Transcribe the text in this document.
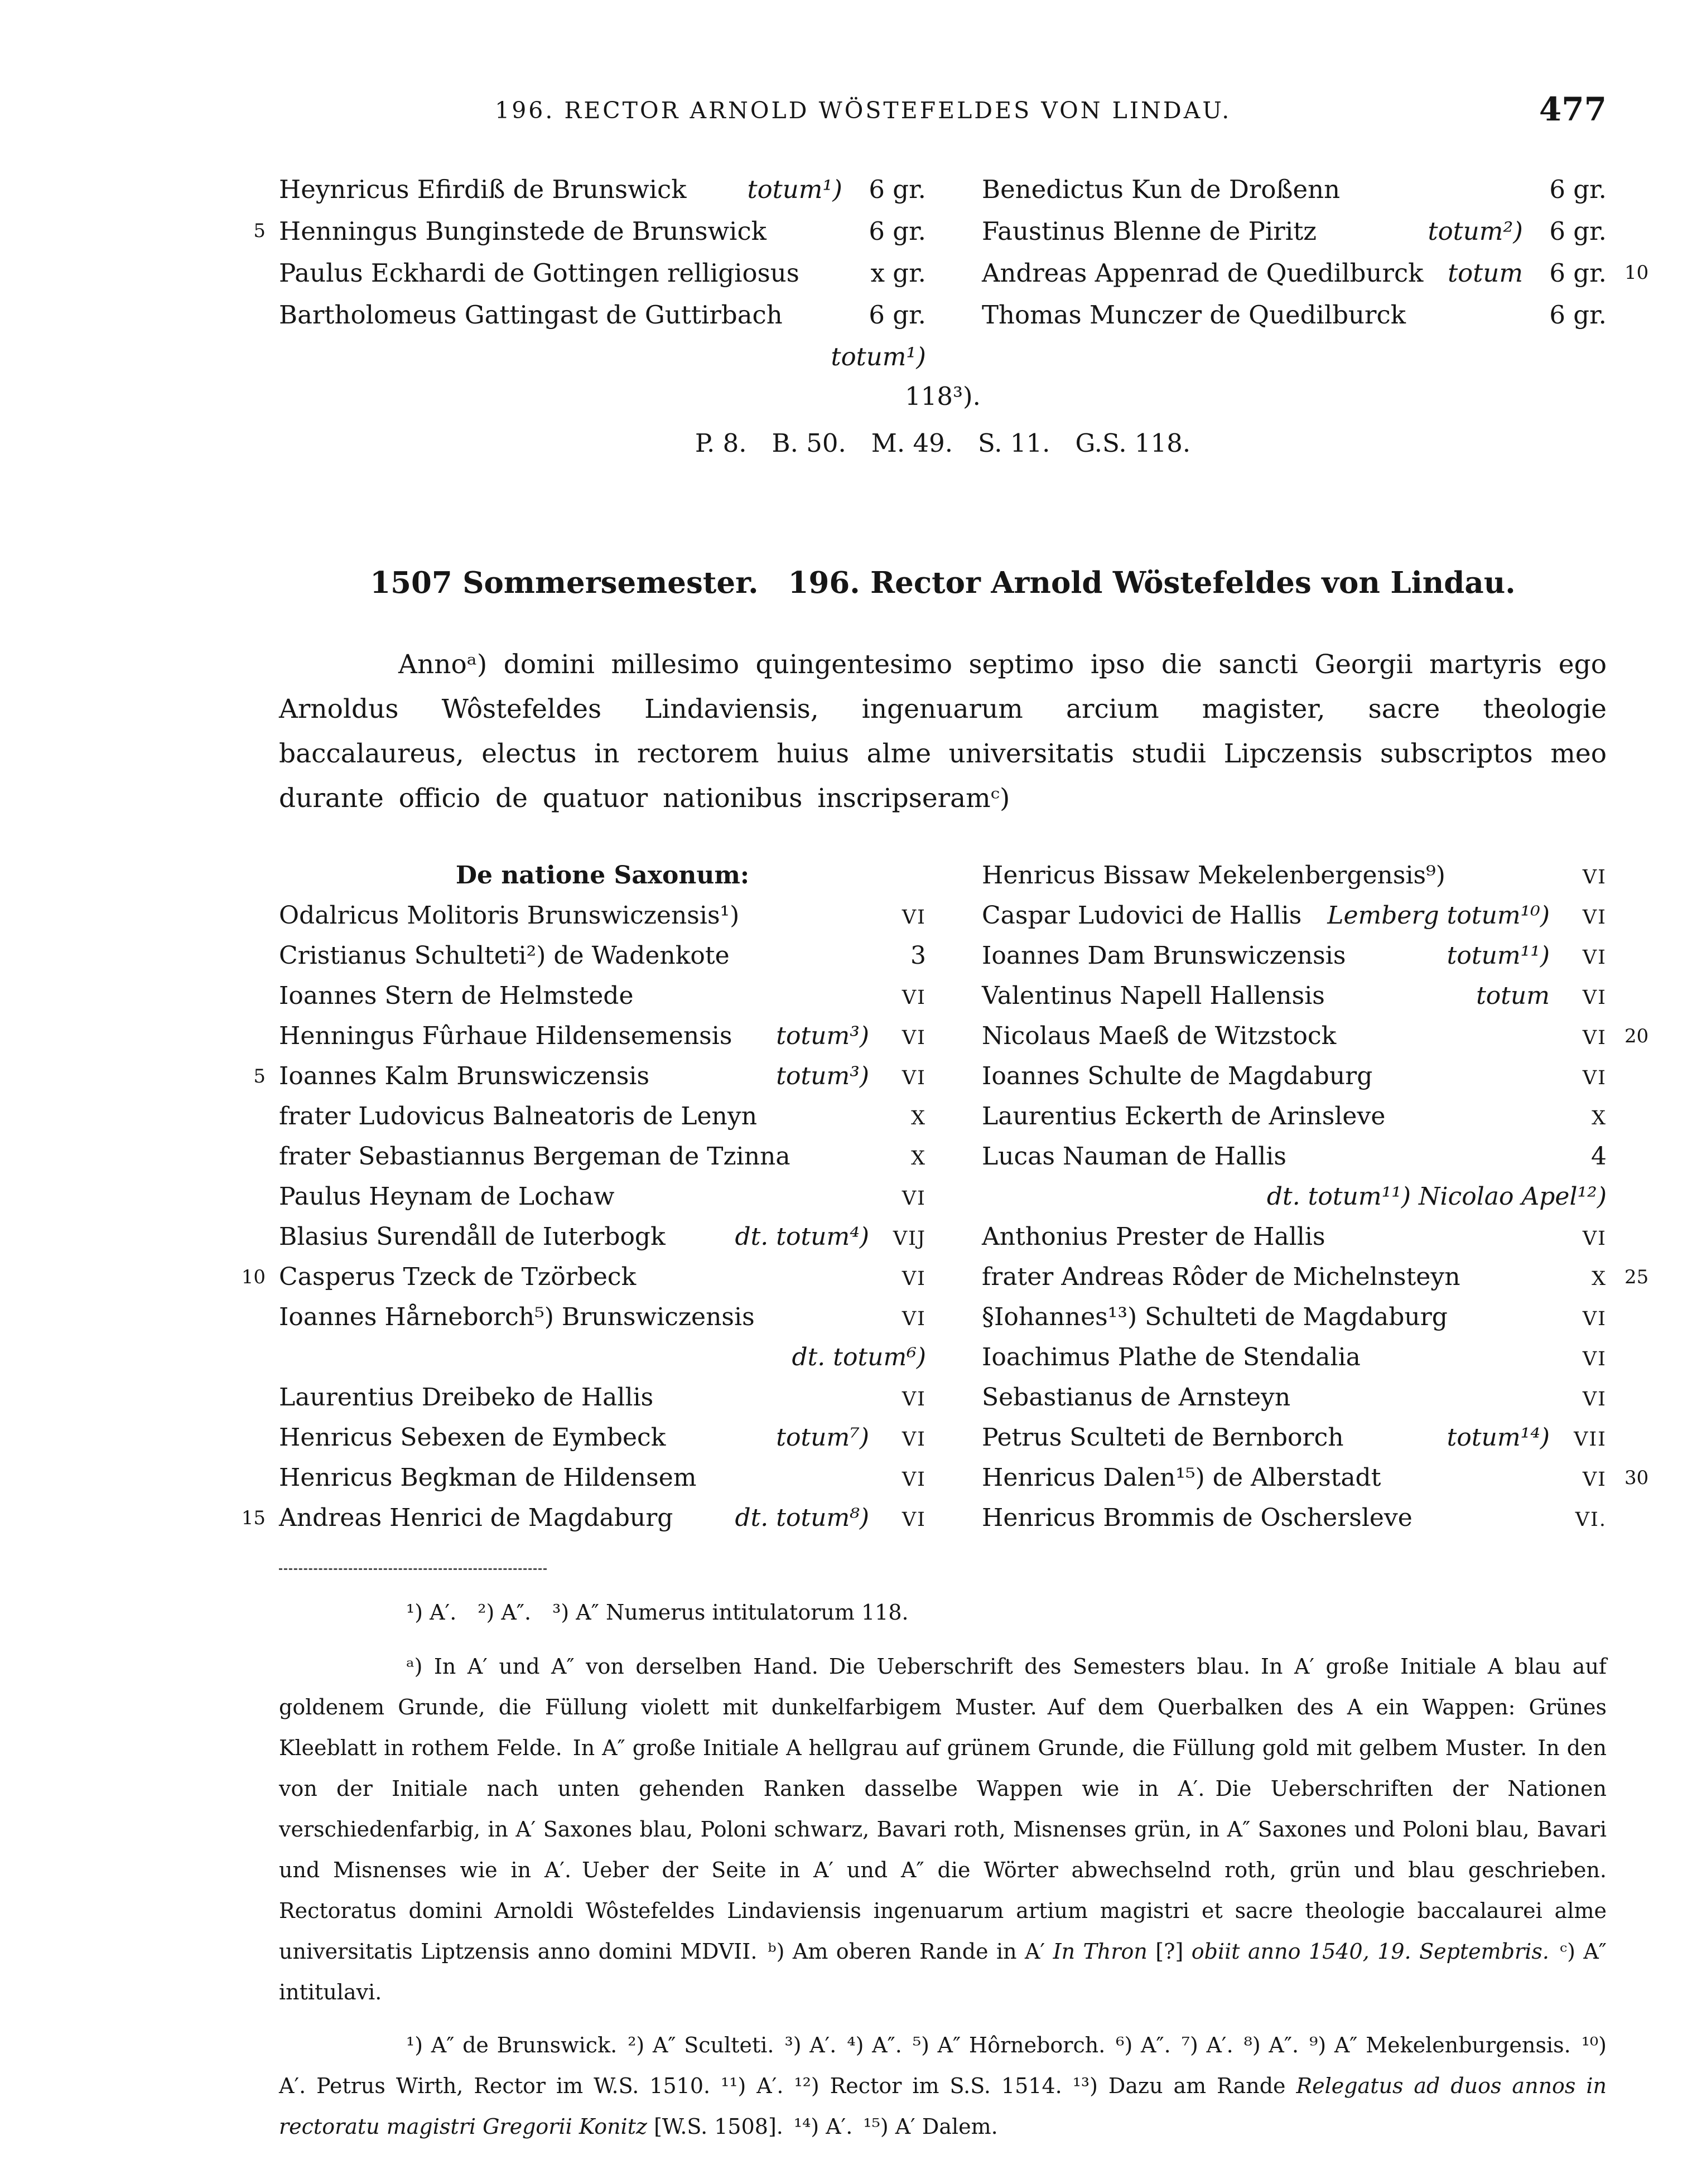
196. RECTOR ARNOLD WÖSTEFELDES VON LINDAU.	477
Heynricus Efirdiß de Brunswick totum¹)	6 gr.
5 Henningus Bunginstede de Brunswick	6 gr.
Paulus Eckhardi de Gottingen relligiosus	x gr.
Bartholomeus Gattingast de Guttirbach	6 gr.
totum¹)
Benedictus Kun de Droßenn	6 gr.
Faustinus Blenne de Piritz	totum²)	6 gr.
Andreas Appenrad de Quedilburck totum	6 gr. 10
Thomas Munczer de Quedilburck	6 gr.
118³).
P. 8.  B. 50.  M. 49.  S. 11.  G.S. 118.
1507 Sommersemester.  196. Rector Arnold Wöstefeldes von Lindau.

Annoᵃ) domini millesimo quingentesimo septimo ipso die sancti Georgii martyris ego Arnoldus Wôstefeldes Lindaviensis, ingenuarum arcium magister, sacre theologie baccalaureus, electus in rectorem huius alme universitatis studii Lipczensis subscriptos meo durante officio de quatuor nationibus inscripseramᶜ)

De natione Saxonum:
Odalricus Molitoris Brunswiczensis¹)	VI
Cristianus Schulteti²) de Wadenkote	3
Ioannes Stern de Helmstede	VI
Henningus Fûrhaue Hildensemensis totum³)	VI
5 Ioannes Kalm Brunswiczensis	totum³)	VI
frater Ludovicus Balneatoris de Lenyn	X
frater Sebastiannus Bergeman de Tzinna	X
Paulus Heynam de Lochaw	VI
Blasius Surendåll de Iuterbogk	dt. totum⁴)	VIJ
10 Casperus Tzeck de Tzörbeck	VI
Ioannes Hårneborch⁵) Brunswiczensis	VI
dt. totum⁶)
Laurentius Dreibeko de Hallis	VI
Henricus Sebexen de Eymbeck	totum⁷)	VI
Henricus Begkman de Hildensem	VI
15 Andreas Henrici de Magdaburg	dt. totum⁸)	VI
Henricus Bissaw Mekelenbergensis⁹)	VI
Caspar Ludovici de Hallis Lemberg totum¹⁰)	VI
Ioannes Dam Brunswiczensis	totum¹¹)	VI
Valentinus Napell Hallensis	totum	VI
Nicolaus Maeß de Witzstock	VI 20
Ioannes Schulte de Magdaburg	VI
Laurentius Eckerth de Arinsleve	X
Lucas Nauman de Hallis	4
dt. totum¹¹) Nicolao Apel¹²)
Anthonius Prester de Hallis	VI
frater Andreas Rôder de Michelnsteyn	X 25
§Iohannes¹³) Schulteti de Magdaburg	VI
Ioachimus Plathe de Stendalia	VI
Sebastianus de Arnsteyn	VI
Petrus Sculteti de Bernborch	totum¹⁴)	VII
Henricus Dalen¹⁵) de Alberstadt	VI 30
Henricus Brommis de Oschersleve	VI.
¹) A′.  ²) A″.  ³) A″ Numerus intitulatorum 118.

ᵃ) In A′ und A″ von derselben Hand. Die Ueberschrift des Semesters blau. In A′ große Initiale A blau auf goldenem Grunde, die Füllung violett mit dunkelfarbigem Muster. Auf dem Querbalken des A ein Wappen: Grünes Kleeblatt in rothem Felde. In A″ große Initiale A hellgrau auf grünem Grunde, die Füllung gold mit gelbem Muster. In den von der Initiale nach unten gehenden Ranken dasselbe Wappen wie in A′. Die Ueberschriften der Nationen verschiedenfarbig, in A′ Saxones blau, Poloni schwarz, Bavari roth, Misnenses grün, in A″ Saxones und Poloni blau, Bavari und Misnenses wie in A′. Ueber der Seite in A′ und A″ die Wörter abwechselnd roth, grün und blau geschrieben. Rectoratus domini Arnoldi Wôstefeldes Lindaviensis ingenuarum artium magistri et sacre theologie baccalaurei alme universitatis Liptzensis anno domini MDVII. ᵇ) Am oberen Rande in A′ In Thron [?] obiit anno 1540, 19. Septembris. ᶜ) A″ intitulavi.

¹) A″ de Brunswick. ²) A″ Sculteti. ³) A′. ⁴) A″. ⁵) A″ Hôrneborch. ⁶) A″. ⁷) A′. ⁸) A″. ⁹) A″ Mekelenburgensis. ¹⁰) A′. Petrus Wirth, Rector im W.S. 1510. ¹¹) A′. ¹²) Rector im S.S. 1514. ¹³) Dazu am Rande Relegatus ad duos annos in rectoratu magistri Gregorii Konitz [W.S. 1508]. ¹⁴) A′. ¹⁵) A′ Dalem.
